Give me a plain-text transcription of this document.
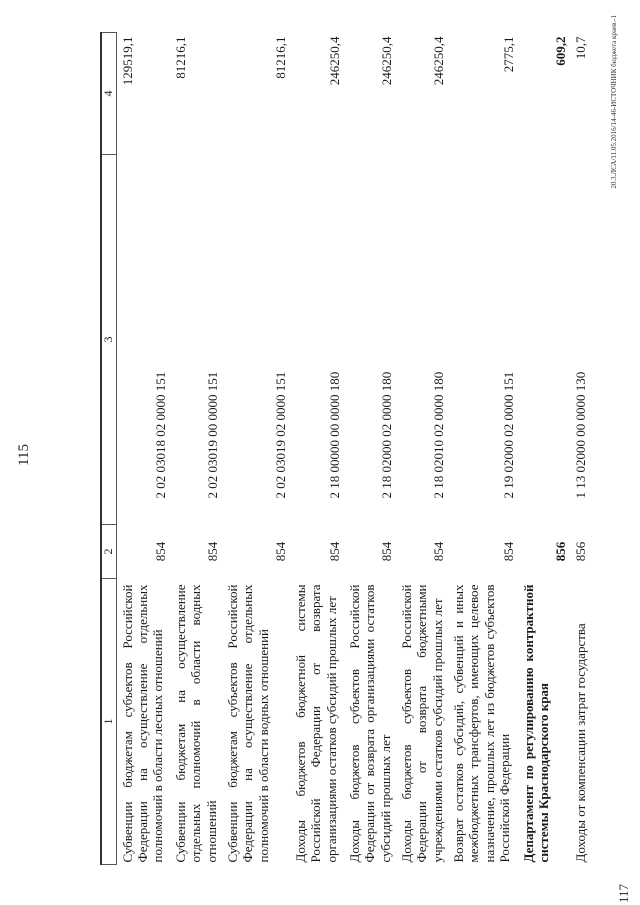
115
1	2	3	4
Субвенции бюджетам субъектов Российской Федерации на осуществление отдельных полномочий в области лесных отношений	854	2 02 03018 02 0000 151	129519,1
Субвенции бюджетам на осуществление отдельных полномочий в области водных отношений	854	2 02 03019 00 0000 151	81216,1
Субвенции бюджетам субъектов Российской Федерации на осуществление отдельных полномочий в области водных отношений	854	2 02 03019 02 0000 151	81216,1
Доходы бюджетов бюджетной системы Российской Федерации от возврата организациями остатков субсидий прошлых лет	854	2 18 00000 00 0000 180	246250,4
Доходы бюджетов субъектов Российской Федерации от возврата организациями остатков субсидий прошлых лет	854	2 18 02000 02 0000 180	246250,4
Доходы бюджетов субъектов Российской Федерации от возврата бюджетными учреждениями остатков субсидий прошлых лет	854	2 18 02010 02 0000 180	246250,4
Возврат остатков субсидий, субвенций и иных межбюджетных трансфертов, имеющих целевое назначение, прошлых лет из бюджетов субъектов Российской Федерации	854	2 19 02000 02 0000 151	2775,1
Департамент по регулированию контрактной системы Краснодарского края	856		609,2
Доходы от компенсации затрат государства	856	1 13 02000 00 0000 130	10,7	20.3.ЛСА/11.05.2016/14-46-ИСТОЧНИК бюджета краев.-1
117
